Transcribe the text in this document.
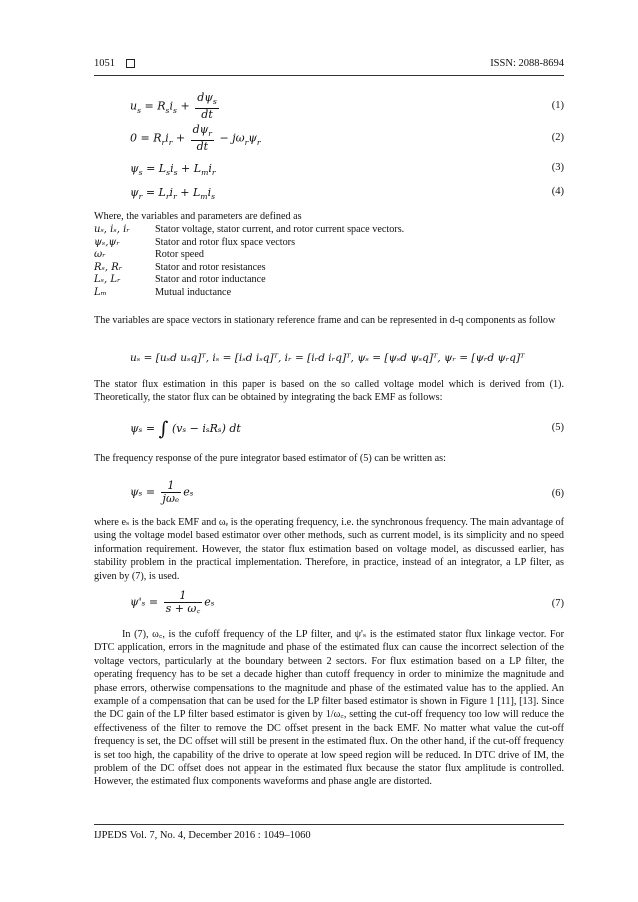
1051	ISSN: 2088-8694
$u_s = R_si_s + \frac{d\psi_s}{dt}$	(1)
$0 = R_ri_r + \frac{d\psi_r}{dt} - j\omega_r\psi_r$	(2)
$\psi_s = L_si_s + L_mi_r$	(3)
$\psi_r = L_ri_r + L_mi_s$	(4)
Where, the variables and parameters are defined as
uₛ, iₛ, iᵣ Stator voltage, stator current, and rotor current space vectors.
ψₛ,ψᵣ	Stator and rotor flux space vectors
ωᵣ	Rotor speed
Rₛ, Rᵣ	Stator and rotor resistances
Lₛ, Lᵣ	Stator and rotor inductance
Lₘ	Mutual inductance
The variables are space vectors in stationary reference frame and can be represented in d-q components as follow
uₛ = [uₛd uₛq]ᵀ, iₛ = [iₛd iₛq]ᵀ, iᵣ = [iᵣd iᵣq]ᵀ, ψₛ = [ψₛd ψₛq]ᵀ, ψᵣ = [ψᵣd ψᵣq]ᵀ
The stator flux estimation in this paper is based on the so called voltage model which is derived from (1). Theoretically, the stator flux can be obtained by integrating the back EMF as follows:
ψₛ = ∫ (vₛ − iₛRₛ) dt	(5)
The frequency response of the pure integrator based estimator of (5) can be written as:
$\psi_s = \frac{1}{\text{jωₑ}}$ eₛ	(6)
where eₛ is the back EMF and ωₑ is the operating frequency, i.e. the synchronous frequency. The main advantage of using the voltage model based estimator over other methods, such as current model, is its simplicity and no speed information requirement. However, the stator flux estimation based on voltage model, as discussed earlier, has stability problem in the practical implementation. Therefore, in practice, instead of an integrator, a LP filter, as given by (7), is used.
$\psi'_s = \frac{1}{s + \omega꜀}$ eₛ	(7)
In (7), ω꜀, is the cufoff frequency of the LP filter, and ψ'ₛ is the estimated stator flux linkage vector. For DTC application, errors in the magnitude and phase of the estimated flux can cause the incorrect selection of the voltage vectors, particularly at the boundary between 2 sectors. For flux estimation based on a LP filter, the operating frequency has to be set a decade higher than cutoff frequency in order to minimize the magnitude and phase errors, otherwise compensations to the magnitude and phase of the estimated value has to the applied. An example of a compensation that can be used for the LP filter based estimator is shown in Figure 1 [11], [13]. Since the DC gain of the LP filter based estimator is given by 1/ω꜀, setting the cut-off frequency too low will reduce the effectiveness of the filter to remove the DC offset present in the back EMF. No matter what value the cut-off frequency is set, the DC offset will still be present in the estimated flux. On the other hand, if the cut-off frequency is set too high, the capability of the drive to operate at low speed region will be reduced. In DTC drive of IM, the problem of the DC offset does not appear in the estimated flux because the stator flux amplitude is controlled. However, the estimated flux components waveforms and phase angle are distorted.
IJPEDS Vol. 7, No. 4, December 2016 : 1049–1060
